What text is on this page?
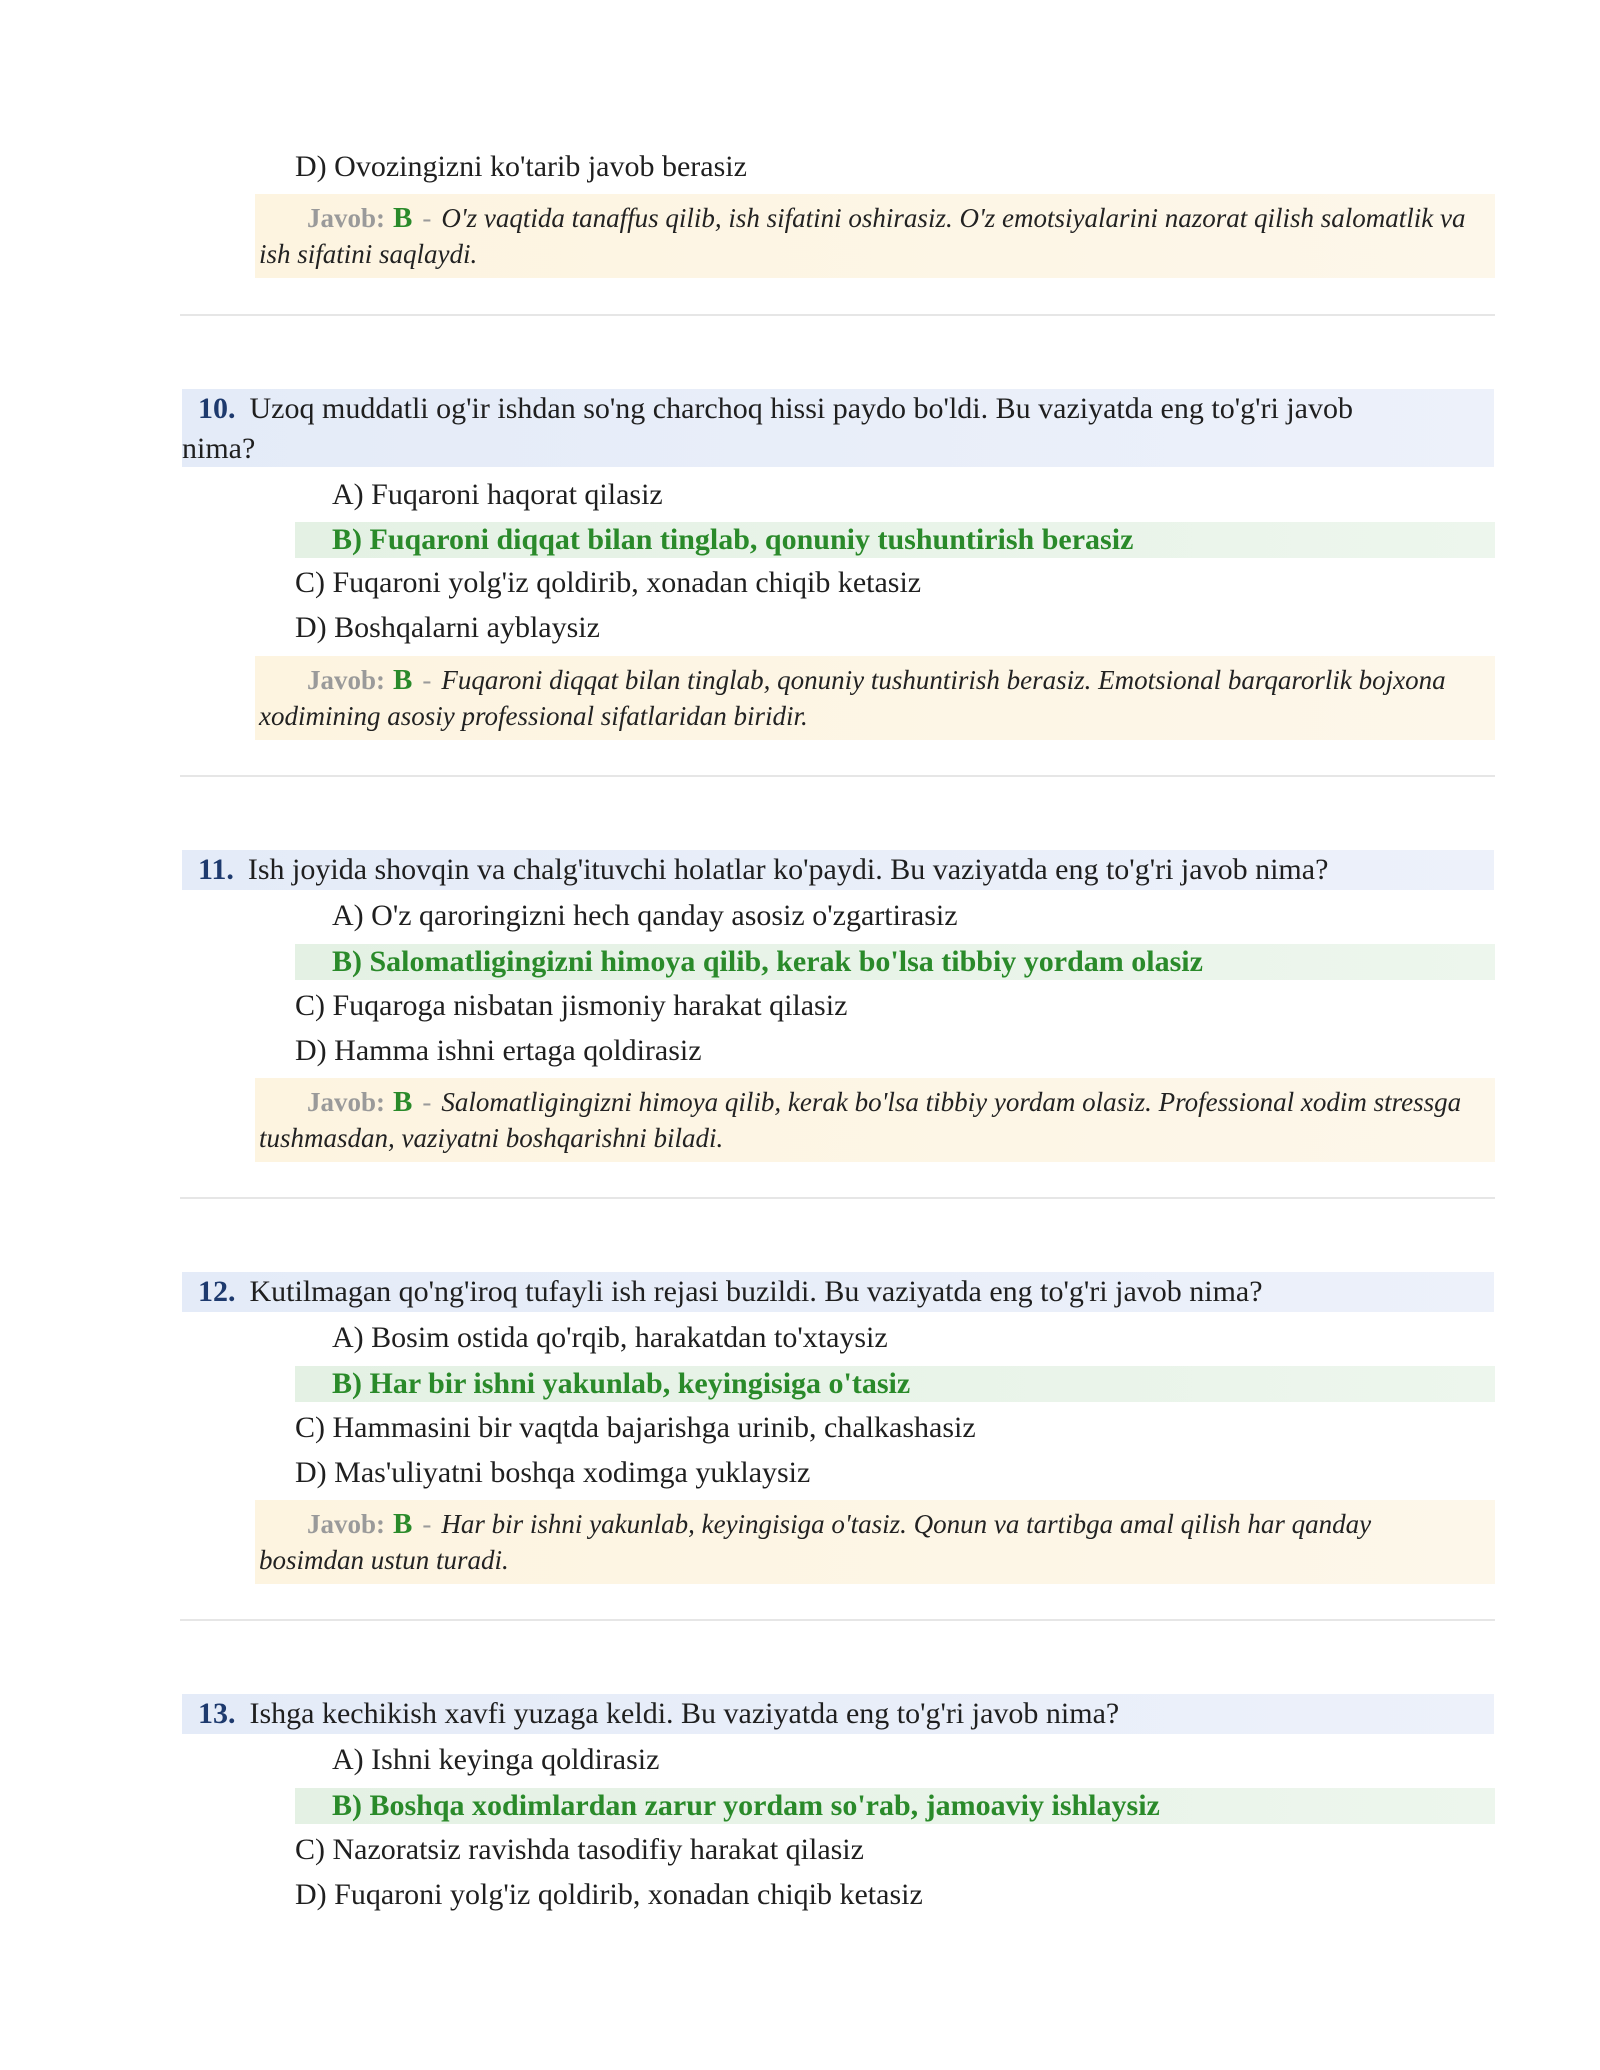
D) Ovozingizni ko'tarib javob berasiz
Javob: B - O'z vaqtida tanaffus qilib, ish sifatini oshirasiz. O'z emotsiyalarini nazorat qilish salomatlik va ish sifatini saqlaydi.
10. Uzoq muddatli og'ir ishdan so'ng charchoq hissi paydo bo'ldi. Bu vaziyatda eng to'g'ri javob
nima?
A) Fuqaroni haqorat qilasiz
B) Fuqaroni diqqat bilan tinglab, qonuniy tushuntirish berasiz
C) Fuqaroni yolg'iz qoldirib, xonadan chiqib ketasiz
D) Boshqalarni ayblaysiz
Javob: B - Fuqaroni diqqat bilan tinglab, qonuniy tushuntirish berasiz. Emotsional barqarorlik bojxona xodimining asosiy professional sifatlaridan biridir.
11. Ish joyida shovqin va chalg'ituvchi holatlar ko'paydi. Bu vaziyatda eng to'g'ri javob nima?
A) O'z qaroringizni hech qanday asosiz o'zgartirasiz
B) Salomatligingizni himoya qilib, kerak bo'lsa tibbiy yordam olasiz
C) Fuqaroga nisbatan jismoniy harakat qilasiz
D) Hamma ishni ertaga qoldirasiz
Javob: B - Salomatligingizni himoya qilib, kerak bo'lsa tibbiy yordam olasiz. Professional xodim stressga tushmasdan, vaziyatni boshqarishni biladi.
12. Kutilmagan qo'ng'iroq tufayli ish rejasi buzildi. Bu vaziyatda eng to'g'ri javob nima?
A) Bosim ostida qo'rqib, harakatdan to'xtaysiz
B) Har bir ishni yakunlab, keyingisiga o'tasiz
C) Hammasini bir vaqtda bajarishga urinib, chalkashasiz
D) Mas'uliyatni boshqa xodimga yuklaysiz
Javob: B - Har bir ishni yakunlab, keyingisiga o'tasiz. Qonun va tartibga amal qilish har qanday bosimdan ustun turadi.
13. Ishga kechikish xavfi yuzaga keldi. Bu vaziyatda eng to'g'ri javob nima?
A) Ishni keyinga qoldirasiz
B) Boshqa xodimlardan zarur yordam so'rab, jamoaviy ishlaysiz
C) Nazoratsiz ravishda tasodifiy harakat qilasiz
D) Fuqaroni yolg'iz qoldirib, xonadan chiqib ketasiz
